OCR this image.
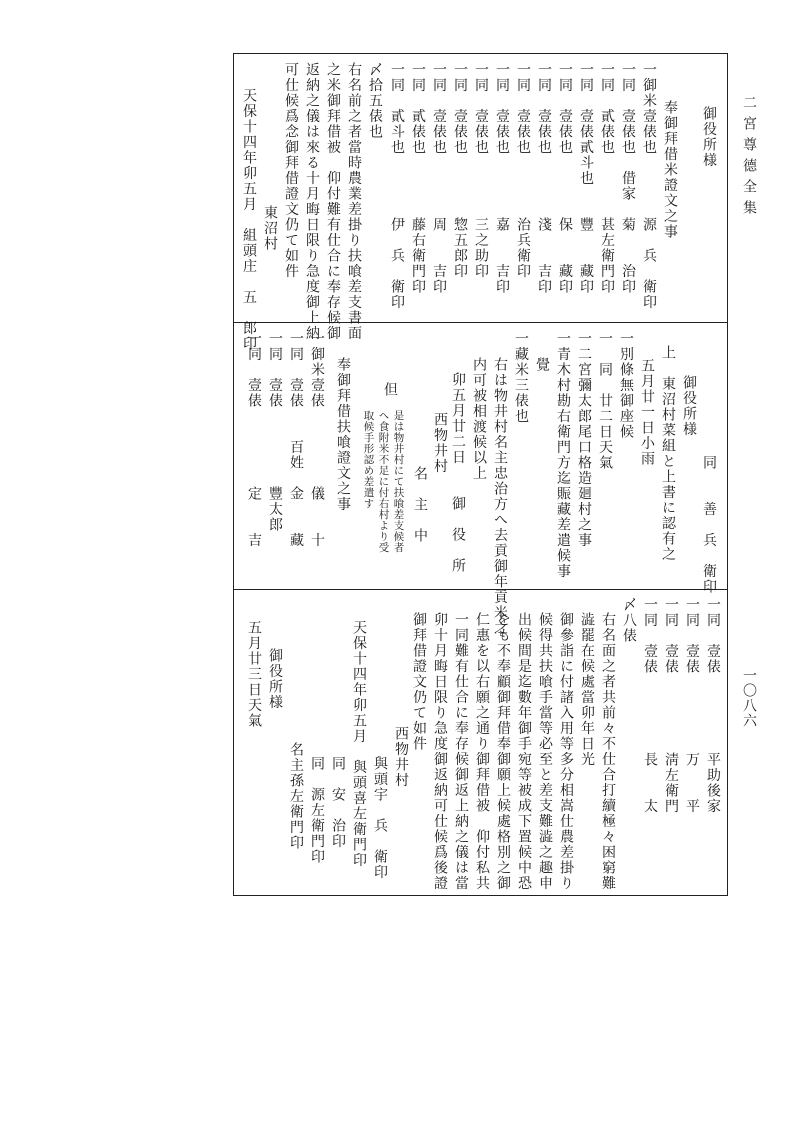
二宮尊德全集
一〇八六
御役所様
奉御拜借米證文之事
一御米壹俵也　　　　源　兵　衛印
一同　壹俵也　借家　菊　　治印
一同　貳俵也　　　　甚左衛門印
一同　壹俵貳斗也　　豐　　藏印
一同　壹俵也　　　　保　　藏印
一同　壹俵也　　　　淺　　吉印
一同　壹俵也　　　　治兵衛印
一同　壹俵也　　　　嘉　　吉印
一同　壹俵也　　　　三之助印
一同　壹俵也　　　　惣五郎印
一同　壹俵也　　　　周　　吉印
一同　貳俵也　　　　藤右衛門印
一同　貳斗也　　　　伊　兵　衛印
〆拾五俵也
右名前之者當時農業差掛り扶喰差支書面
之米御拜借被　仰付難有仕合に奉存候御
返納之儀は來る十月晦日限り急度御上納
可仕候爲念御拜借證文仍て如件
東沼村
天保十四年卯五月　組頭庄　五　郎印
同　　善　兵　衛印
御役所様
上　東沼村菜組と上書に認有之
五月廿一日小雨
一別條無御座候
一　同　廿二日天氣
一二宮彌太郎尾口格造廻村之事
一青木村勘右衛門方迄賑藏差遣候事
覺
一藏米三俵也
右は物井村名主忠治方へ去貢御年貢米之
内可被相渡候以上
卯五月廿二日　　御　役　所
西物井村
名　主　中
但
是は物井村にて扶喰差支候者
へ食附米不足に付右村より受
取候手形認め差遣す
奉御拜借扶喰證文之事
一御米壹俵　　　　　儀　　十
一同　壹俵　　百姓　金　　藏
一同　壹俵　　　　　豐太郎
一同　壹俵　　　　　定　　吉
一同　壹俵　　　　　平助後家
一同　壹俵　　　　　万　　平
一同　壹俵　　　　　淸左衛門
一同　壹俵　　　　　長　　太
〆八俵
右名面之者共前々不仕合打續極々困窮難
澁罷在候處當卯年日光
御參詣に付諸入用等多分相嵩仕農差掛り
候得共扶喰手當等必至と差支難澁之趣申
出候間是迄數年御手宛等被成下置候中恐
をも不奉顧御拜借奉御願上候處格別之御
仁惠を以右願之通り御拜借被　仰付私共
一同難有仕合に奉存候御返上納之儀は當
卯十月晦日限り急度御返納可仕候爲後證
御拜借證文仍て如件
西物井村
與頭宇　兵　衛印
天保十四年卯五月　與頭喜左衛門印
同　安　治印
同　源左衛門印
名主孫左衛門印
御役所様
五月廿三日天氣
